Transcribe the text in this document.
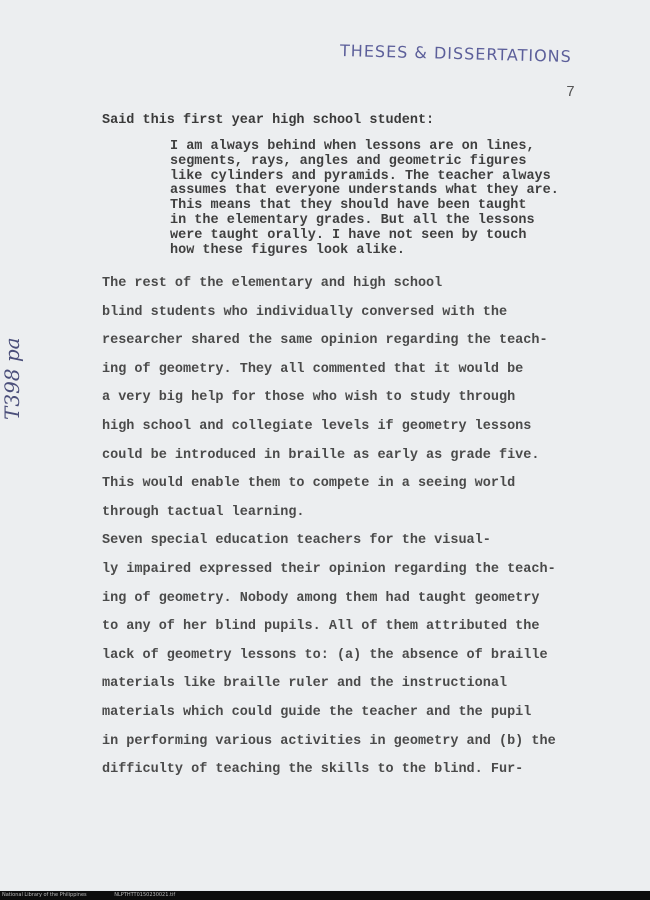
THESES & DISSERTATIONS
7
T398 pa
Said this first year high school student:
I am always behind when lessons are on lines,
segments, rays, angles and geometric figures
like cylinders and pyramids. The teacher always
assumes that everyone understands what they are.
This means that they should have been taught
in the elementary grades. But all the lessons
were taught orally. I have not seen by touch
how these figures look alike.
The rest of the elementary and high school
blind students who individually conversed with the
researcher shared the same opinion regarding the teach-
ing of geometry. They all commented that it would be
a very big help for those who wish to study through
high school and collegiate levels if geometry lessons
could be introduced in braille as early as grade five.
This would enable them to compete in a seeing world
through tactual learning.
Seven special education teachers for the visual-
ly impaired expressed their opinion regarding the teach-
ing of geometry. Nobody among them had taught geometry
to any of her blind pupils. All of them attributed the
lack of geometry lessons to: (a) the absence of braille
materials like braille ruler and the instructional
materials which could guide the teacher and the pupil
in performing various activities in geometry and (b) the
difficulty of teaching the skills to the blind. Fur-
National Library of the Philippines	NLPTHTT0150230021.tif
